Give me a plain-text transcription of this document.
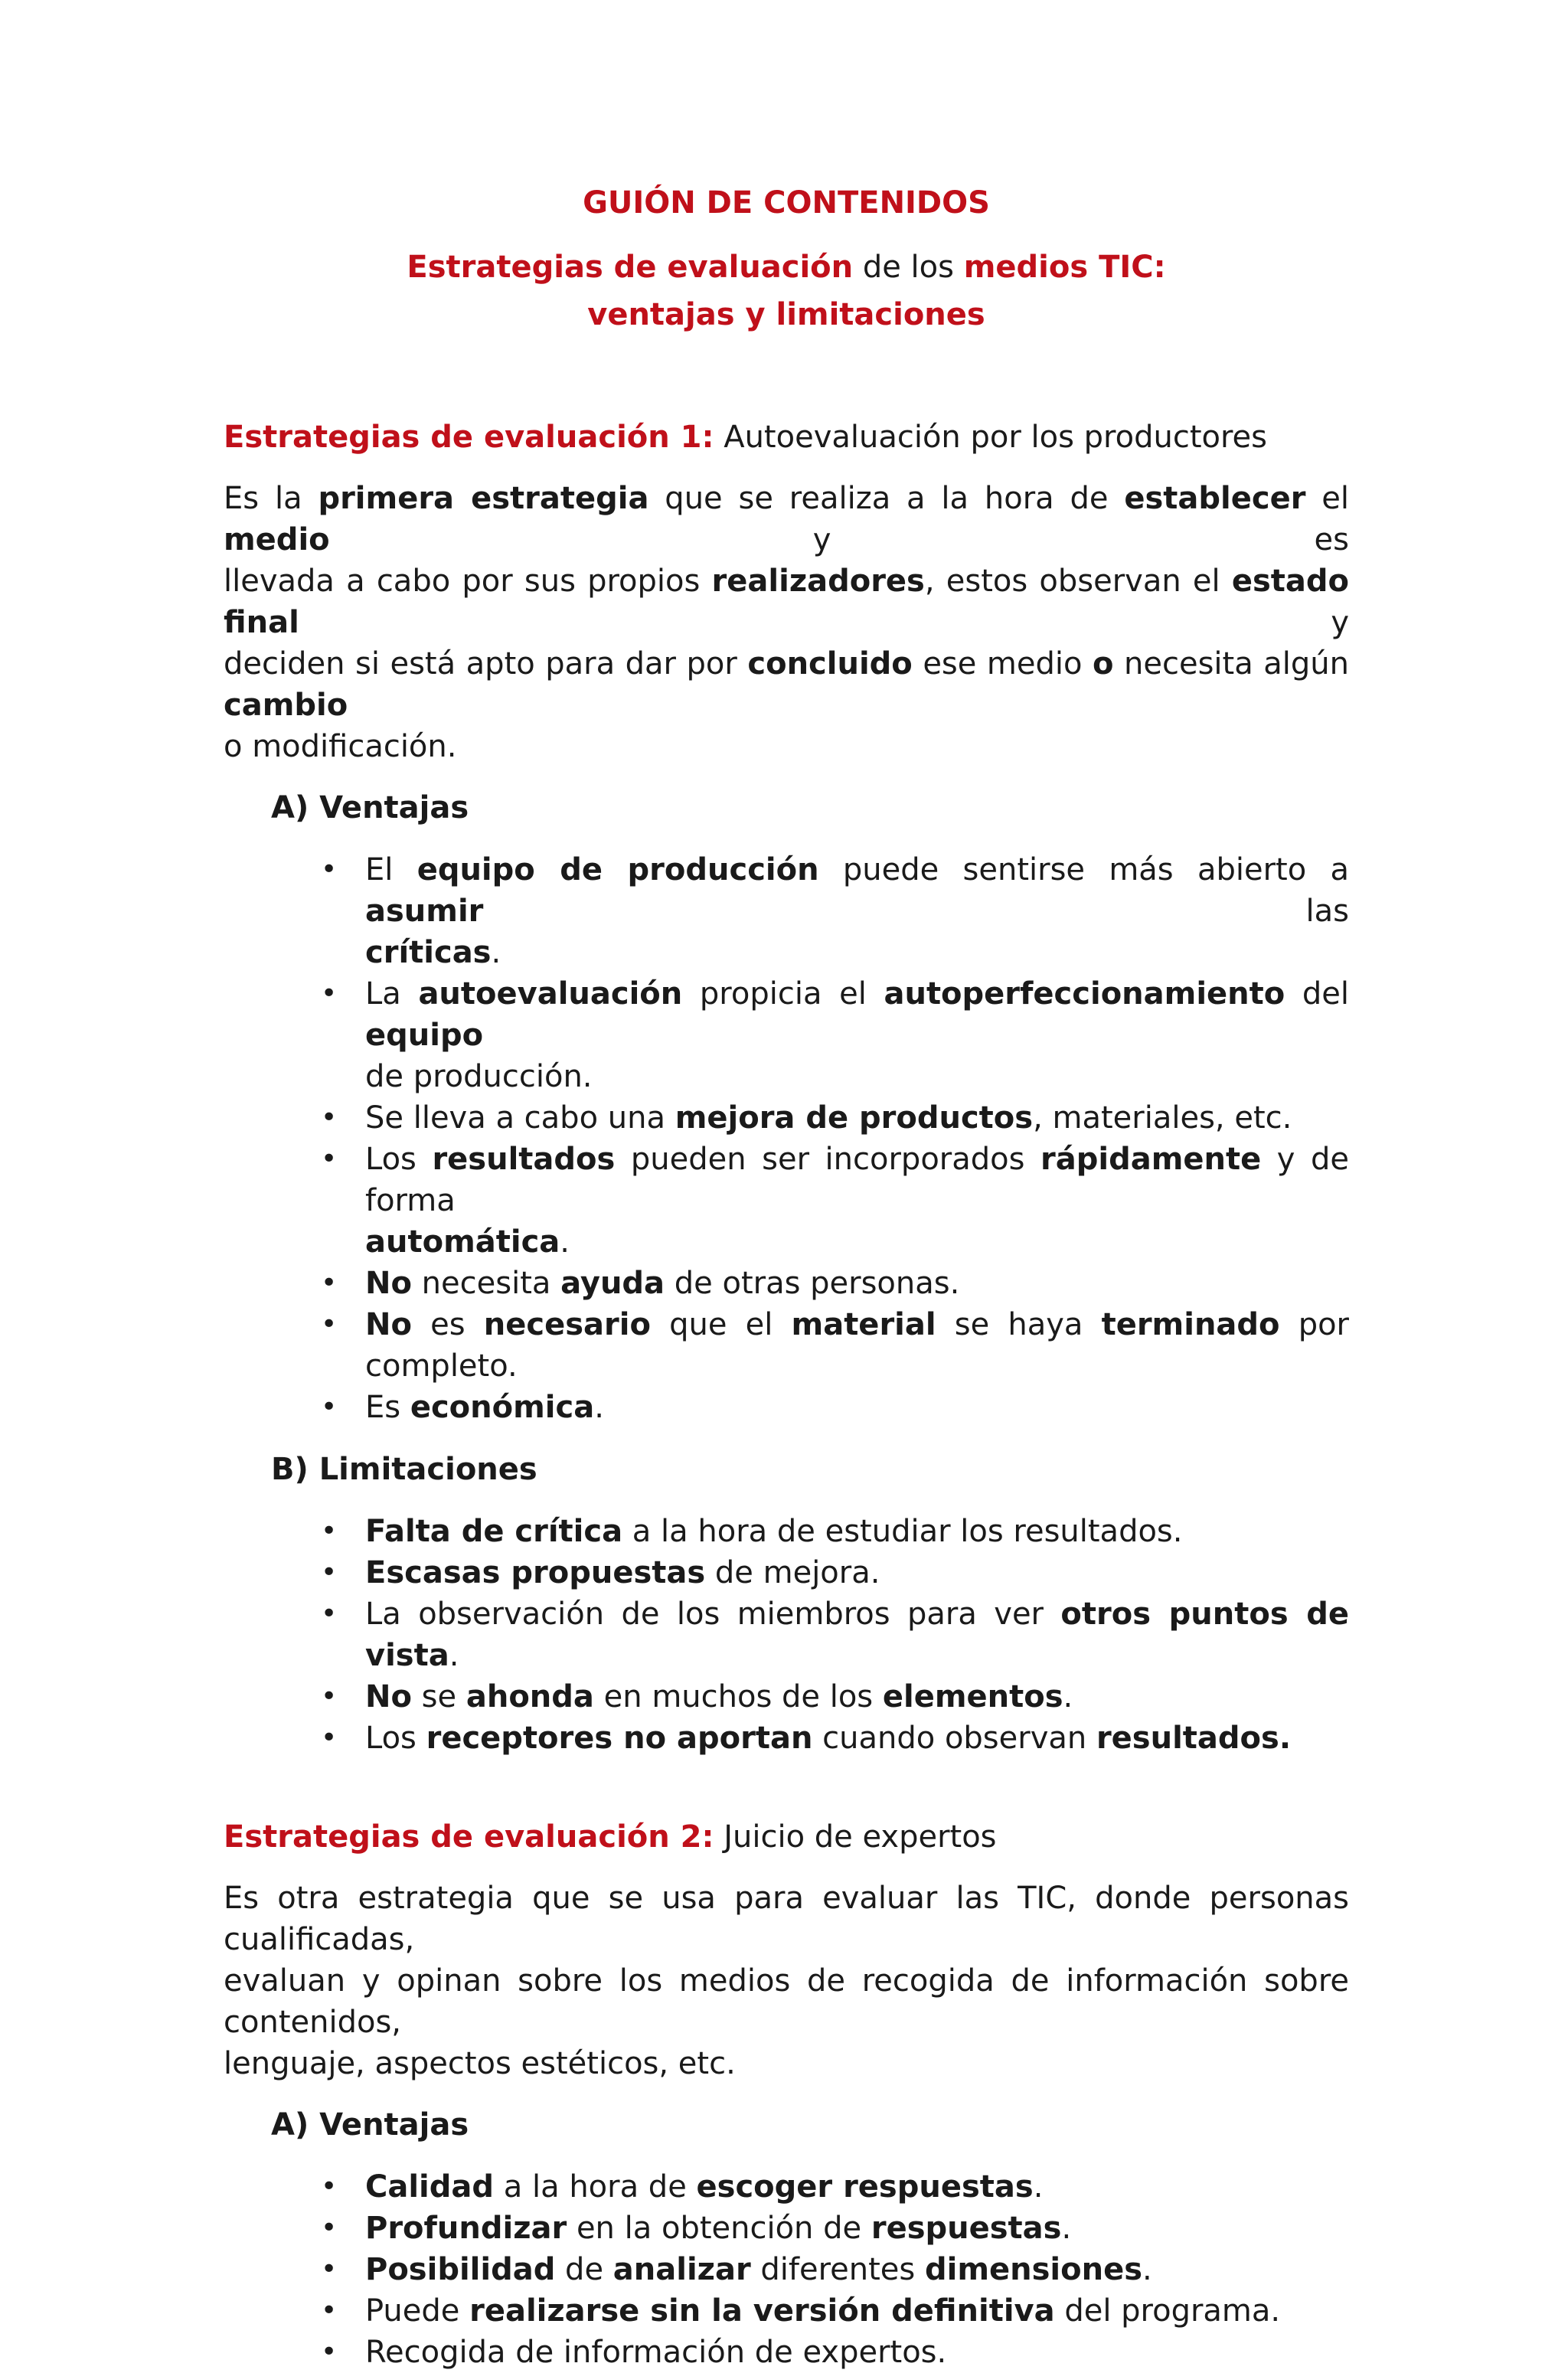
GUIÓN DE CONTENIDOS
Estrategias de evaluación de los medios TIC:
ventajas y limitaciones
Estrategias de evaluación 1: Autoevaluación por los productores
Es la primera estrategia que se realiza a la hora de establecer el medio y es
llevada a cabo por sus propios realizadores, estos observan el estado final y
deciden si está apto para dar por concluido ese medio o necesita algún cambio
o modificación.
A) Ventajas
• El equipo de producción puede sentirse más abierto a asumir las
críticas.
• La autoevaluación propicia el autoperfeccionamiento del equipo
de producción.
• Se lleva a cabo una mejora de productos, materiales, etc.
• Los resultados pueden ser incorporados rápidamente y de forma
automática.
• No necesita ayuda de otras personas.
• No es necesario que el material se haya terminado por completo.
• Es económica.
B) Limitaciones
• Falta de crítica a la hora de estudiar los resultados.
• Escasas propuestas de mejora.
• La observación de los miembros para ver otros puntos de vista.
• No se ahonda en muchos de los elementos.
• Los receptores no aportan cuando observan resultados.
Estrategias de evaluación 2: Juicio de expertos
Es otra estrategia que se usa para evaluar las TIC, donde personas cualificadas,
evaluan y opinan sobre los medios de recogida de información sobre contenidos,
lenguaje, aspectos estéticos, etc.
A) Ventajas
• Calidad a la hora de escoger respuestas.
• Profundizar en la obtención de respuestas.
• Posibilidad de analizar diferentes dimensiones.
• Puede realizarse sin la versión definitiva del programa.
• Recogida de información de expertos.
